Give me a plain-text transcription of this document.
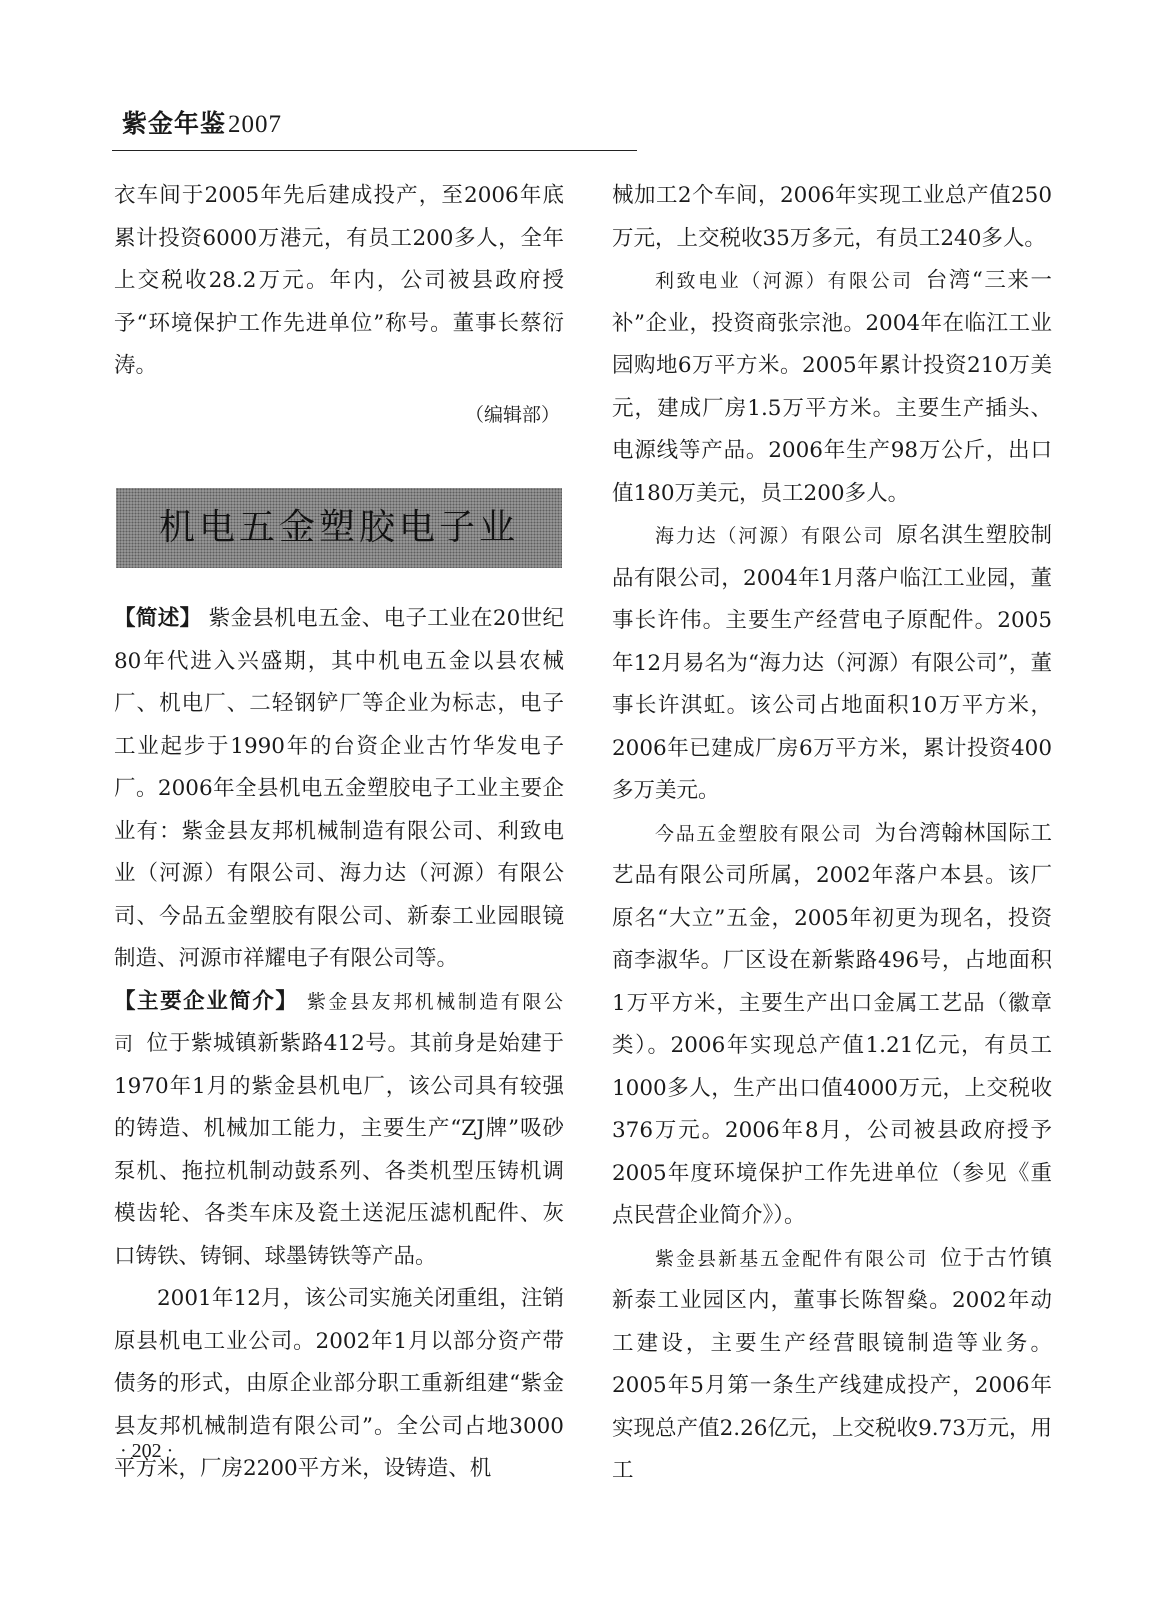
紫金年鉴2007

衣车间于2005年先后建成投产，至2006年底累计投资6000万港元，有员工200多人，全年上交税收28.2万元。年内，公司被县政府授予“环境保护工作先进单位”称号。董事长蔡衍涛。

（编辑部）

机电五金塑胶电子业

【简述】 紫金县机电五金、电子工业在20世纪80年代进入兴盛期，其中机电五金以县农械厂、机电厂、二轻钢铲厂等企业为标志，电子工业起步于1990年的台资企业古竹华发电子厂。2006年全县机电五金塑胶电子工业主要企业有：紫金县友邦机械制造有限公司、利致电业（河源）有限公司、海力达（河源）有限公司、今品五金塑胶有限公司、新泰工业园眼镜制造、河源市祥耀电子有限公司等。

【主要企业简介】 紫金县友邦机械制造有限公司 位于紫城镇新紫路412号。其前身是始建于1970年1月的紫金县机电厂，该公司具有较强的铸造、机械加工能力，主要生产“ZJ牌”吸砂泵机、拖拉机制动鼓系列、各类机型压铸机调模齿轮、各类车床及瓷土送泥压滤机配件、灰口铸铁、铸铜、球墨铸铁等产品。

2001年12月，该公司实施关闭重组，注销原县机电工业公司。2002年1月以部分资产带债务的形式，由原企业部分职工重新组建“紫金县友邦机械制造有限公司”。全公司占地3000平方米，厂房2200平方米，设铸造、机

械加工2个车间，2006年实现工业总产值250万元，上交税收35万多元，有员工240多人。

利致电业（河源）有限公司 台湾“三来一补”企业，投资商张宗池。2004年在临江工业园购地6万平方米。2005年累计投资210万美元，建成厂房1.5万平方米。主要生产插头、电源线等产品。2006年生产98万公斤，出口值180万美元，员工200多人。

海力达（河源）有限公司 原名淇生塑胶制品有限公司，2004年1月落户临江工业园，董事长许伟。主要生产经营电子原配件。2005年12月易名为“海力达（河源）有限公司”，董事长许淇虹。该公司占地面积10万平方米，2006年已建成厂房6万平方米，累计投资400多万美元。

今品五金塑胶有限公司 为台湾翰林国际工艺品有限公司所属，2002年落户本县。该厂原名“大立”五金，2005年初更为现名，投资商李淑华。厂区设在新紫路496号，占地面积1万平方米，主要生产出口金属工艺品（徽章类）。2006年实现总产值1.21亿元，有员工1000多人，生产出口值4000万元，上交税收376万元。2006年8月，公司被县政府授予2005年度环境保护工作先进单位（参见《重点民营企业简介》）。

紫金县新基五金配件有限公司 位于古竹镇新泰工业园区内，董事长陈智燊。2002年动工建设，主要生产经营眼镜制造等业务。2005年5月第一条生产线建成投产，2006年实现总产值2.26亿元，上交税收9.73万元，用工

· 202 ·
